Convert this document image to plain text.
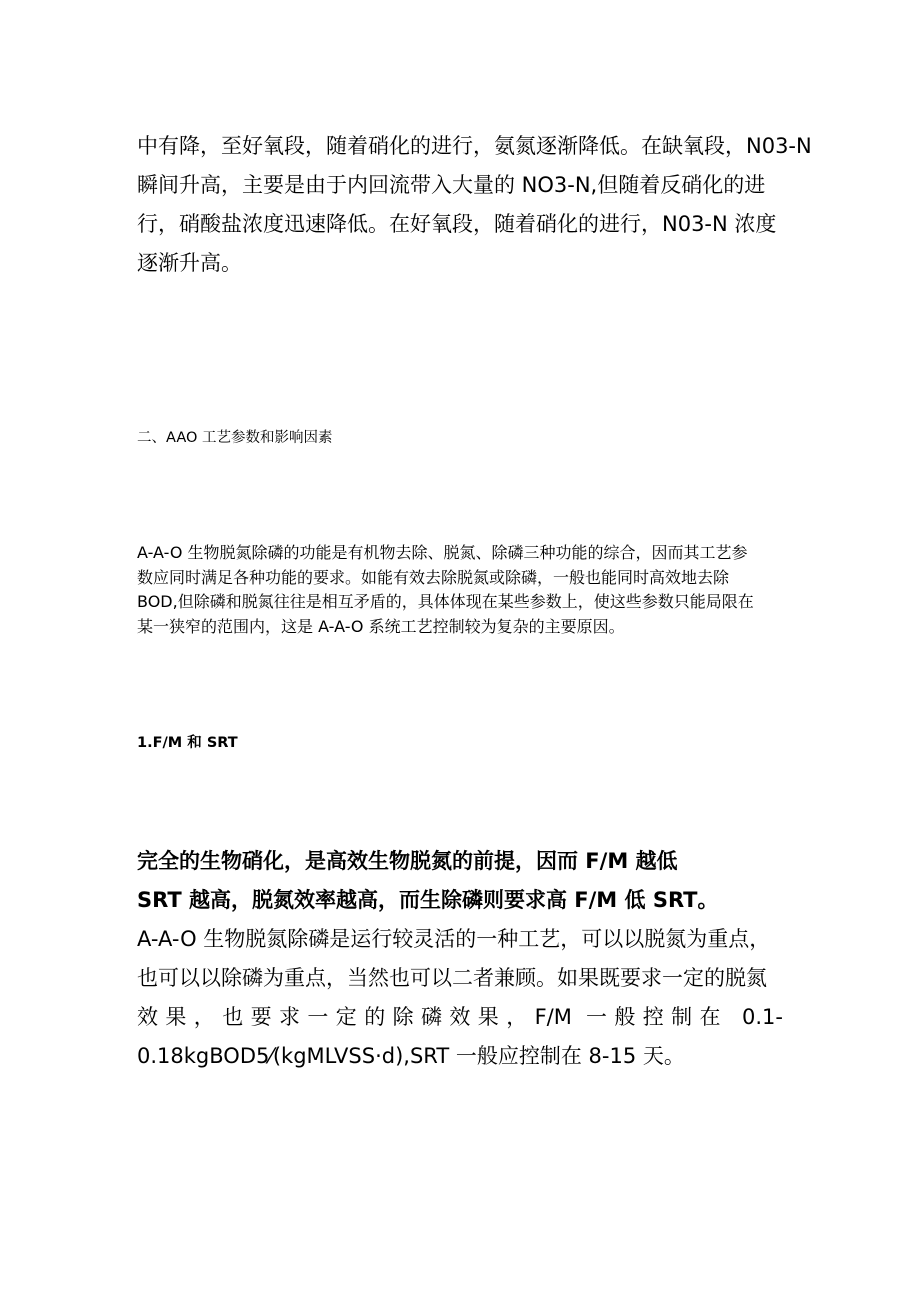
中有降，至好氧段，随着硝化的进行，氨氮逐渐降低。在缺氧段，N03-N
瞬间升高，主要是由于内回流带入大量的 NO3-N,但随着反硝化的进
行，硝酸盐浓度迅速降低。在好氧段，随着硝化的进行，N03-N 浓度
逐渐升高。
二、AAO 工艺参数和影响因素
A-A-O 生物脱氮除磷的功能是有机物去除、脱氮、除磷三种功能的综合，因而其工艺参
数应同时满足各种功能的要求。如能有效去除脱氮或除磷，一般也能同时高效地去除
BOD,但除磷和脱氮往往是相互矛盾的，具体体现在某些参数上，使这些参数只能局限在
某一狭窄的范围内，这是 A-A-O 系统工艺控制较为复杂的主要原因。
1.F/M 和 SRT
完全的生物硝化，是高效生物脱氮的前提，因而 F/M 越低
SRT 越高，脱氮效率越高，而生除磷则要求高 F/M 低 SRT。
A-A-O 生物脱氮除磷是运行较灵活的一种工艺，可以以脱氮为重点，
也可以以除磷为重点，当然也可以二者兼顾。如果既要求一定的脱氮
效果，也要求一定的除磷效果，F/M 一般控制在 0.1-
0.18kgBOD5⁄(kgMLVSS·d),SRT 一般应控制在 8-15 天。
